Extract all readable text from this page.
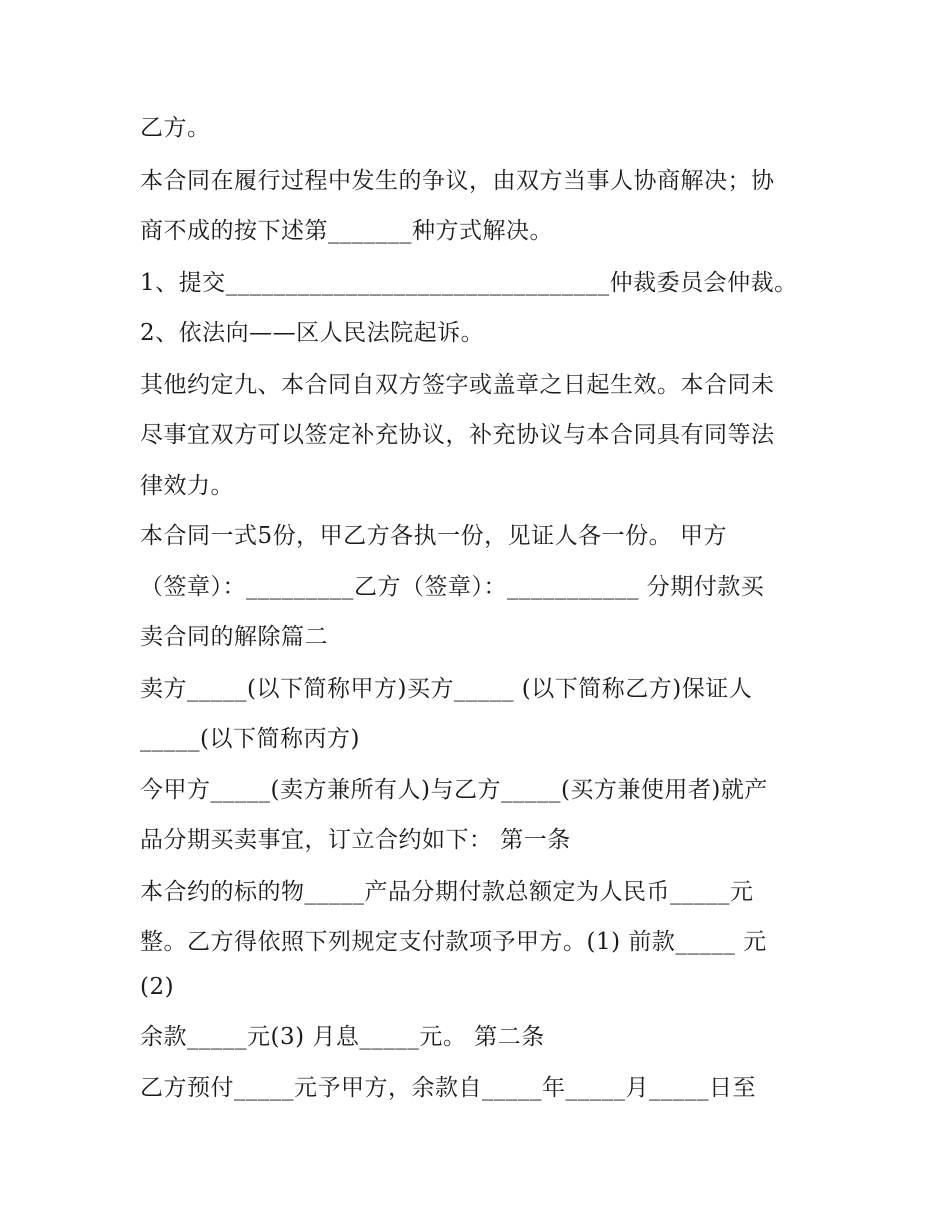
乙方。
本合同在履行过程中发生的争议，由双方当事人协商解决；协
商不成的按下述第_______种方式解决。
1、提交________________________________仲裁委员会仲裁。
2、依法向——区人民法院起诉。
其他约定九、本合同自双方签字或盖章之日起生效。本合同未
尽事宜双方可以签定补充协议，补充协议与本合同具有同等法
律效力。
本合同一式5份，甲乙方各执一份，见证人各一份。 甲方
（签章）：_________乙方（签章）：___________ 分期付款买
卖合同的解除篇二
卖方_____(以下简称甲方)买方_____ (以下简称乙方)保证人
_____(以下简称丙方)
今甲方_____(卖方兼所有人)与乙方_____(买方兼使用者)就产
品分期买卖事宜，订立合约如下： 第一条
本合约的标的物_____产品分期付款总额定为人民币_____元
整。乙方得依照下列规定支付款项予甲方。(1) 前款_____ 元
(2)
余款_____元(3) 月息_____元。 第二条
乙方预付_____元予甲方，余款自_____年_____月_____日至
